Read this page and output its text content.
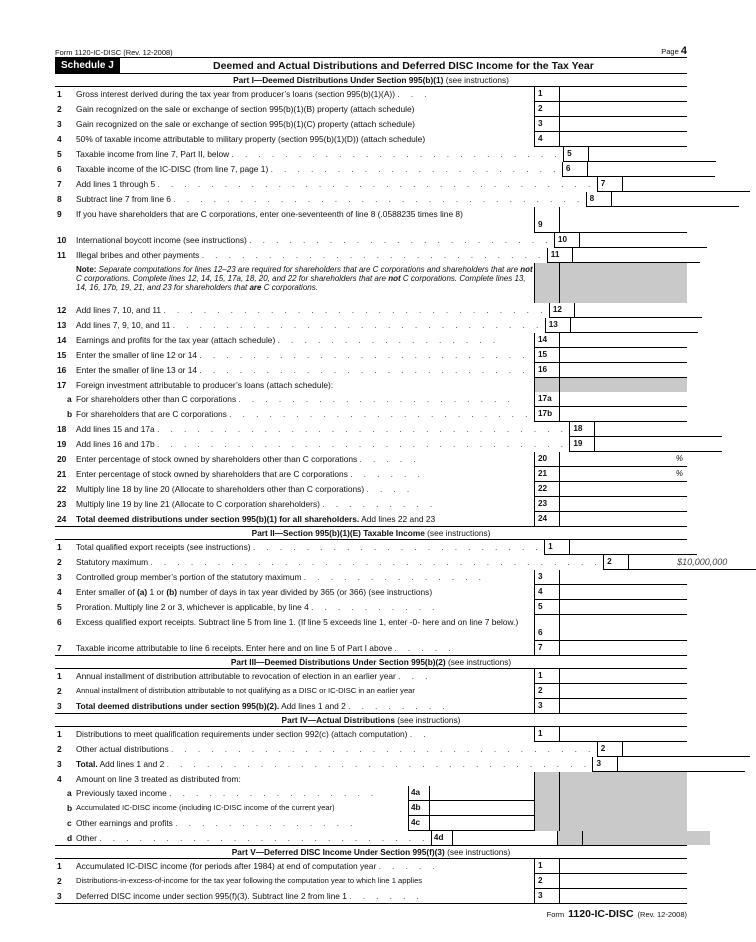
Form 1120-IC-DISC (Rev. 12-2008)	Page 4
Schedule J	Deemed and Actual Distributions and Deferred DISC Income for the Tax Year
Part I—Deemed Distributions Under Section 995(b)(1) (see instructions)
1	Gross interest derived during the tax year from producer’s loans (section 995(b)(1)(A)) . . .	1
2	Gain recognized on the sale or exchange of section 995(b)(1)(B) property (attach schedule)	2
3	Gain recognized on the sale or exchange of section 995(b)(1)(C) property (attach schedule)	3
4	50% of taxable income attributable to military property (section 995(b)(1)(D)) (attach schedule)	4
5	Taxable income from line 7, Part II, below . . . . . . . . . . . . . . . . . . . . . . . . . 5
6	Taxable income of the IC-DISC (from line 7, page 1) . . . . . . . . . . . . . . . . . . . . . . 6
7	Add lines 1 through 5 . . . . . . . . . . . . . . . . . . . . . . . . . . . . . . . . . 7
8	Subtract line 7 from line 6 . . . . . . . . . . . . . . . . . . . . . . . . . . . . . . . 8
9	If you have shareholders that are C corporations, enter one-seventeenth of line 8 (.0588235 times line 8)
9
10	International boycott income (see instructions) . . . . . . . . . . . . . . . . . . . . . . . 10
11	Illegal bribes and other payments . . . . . . . . . . . . . . . . . . . . . . . . . . 11
Note: Separate computations for lines 12–23 are required for shareholders that are C corporations and shareholders that are not C corporations. Complete lines 12, 14, 15, 17a, 18, 20, and 22 for shareholders that are not C corporations. Complete lines 13, 14, 16, 17b, 19, 21, and 23 for shareholders that are C corporations.
12	Add lines 7, 10, and 11 . . . . . . . . . . . . . . . . . . . . . . . . . . . . . 12
13	Add lines 7, 9, 10, and 11 . . . . . . . . . . . . . . . . . . . . . . . . . . . . 13
14	Earnings and profits for the tax year (attach schedule) . . . . . . . . . . . . . . . . .	14
15	Enter the smaller of line 12 or 14 . . . . . . . . . . . . . . . . . . . . . . . . .	15
16	Enter the smaller of line 13 or 14 . . . . . . . . . . . . . . . . . . . . . . . . .	16
17	Foreign investment attributable to producer’s loans (attach schedule):
a For shareholders other than C corporations . . . . . . . . . . . . . . . . . . . . .	17a
b For shareholders that are C corporations . . . . . . . . . . . . . . . . . . . . . . . 17b
18	Add lines 15 and 17a . . . . . . . . . . . . . . . . . . . . . . . . . . . . . . . 18
19	Add lines 16 and 17b . . . . . . . . . . . . . . . . . . . . . . . . . . . . . . . 19
20	Enter percentage of stock owned by shareholders other than C corporations . . . . .	20	%
21	Enter percentage of stock owned by shareholders that are C corporations . . . . . .	21	%
22	Multiply line 18 by line 20 (Allocate to shareholders other than C corporations) . . . .	22
23	Multiply line 19 by line 21 (Allocate to C corporation shareholders) . . . . . . . . .	23
24	Total deemed distributions under section 995(b)(1) for all shareholders. Add lines 22 and 23	24
Part II—Section 995(b)(1)(E) Taxable Income (see instructions)
1	Total qualified export receipts (see instructions) . . . . . . . . . . . . . . . . . . . . . . 1
2	Statutory maximum . . . . . . . . . . . . . . . . . . . . . . . . . . . . . . . . . . 2	$10,000,000
3	Controlled group member’s portion of the statutory maximum . . . . . . . . . . . . . .	3
4	Enter smaller of (a) 1 or (b) number of days in tax year divided by 365 (or 366) (see instructions)	4
5	Proration. Multiply line 2 or 3, whichever is applicable, by line 4 . . . . . . . . . .	5
6	Excess qualified export receipts. Subtract line 5 from line 1. (If line 5 exceeds line 1, enter -0- here and on line 7 below.)
6
7	Taxable income attributable to line 6 receipts. Enter here and on line 5 of Part I above . . . . .	7
Part III—Deemed Distributions Under Section 995(b)(2) (see instructions)
1	Annual installment of distribution attributable to revocation of election in an earlier year . . .	1
2	Annual installment of distribution attributable to not qualifying as a DISC or IC-DISC in an earlier year	2
3	Total deemed distributions under section 995(b)(2). Add lines 1 and 2 . . . . . . . .	3
Part IV—Actual Distributions (see instructions)
1	Distributions to meet qualification requirements under section 992(c) (attach computation) . .	1
2	Other actual distributions . . . . . . . . . . . . . . . . . . . . . . . . . . . . . . . . 2
3	Total. Add lines 1 and 2 . . . . . . . . . . . . . . . . . . . . . . . . . . . . . . . . 3
4	Amount on line 3 treated as distributed from:
a Previously taxed income . . . . . . . . . . . . . . . .	4a
b Accumulated IC-DISC income (including IC-DISC income of the current year)	4b
c Other earnings and profits . . . . . . . . . . . . . .	4c
d Other . . . . . . . . . . . . . . . . . . . . . . . . . 4d
Part V—Deferred DISC Income Under Section 995(f)(3) (see instructions)
1	Accumulated IC-DISC income (for periods after 1984) at end of computation year . . . . .	1
2	Distributions-in-excess-of-income for the tax year following the computation year to which line 1 applies	2
3	Deferred DISC income under section 995(f)(3). Subtract line 2 from line 1 . . . . . .	3
Form 1120-IC-DISC (Rev. 12-2008)
